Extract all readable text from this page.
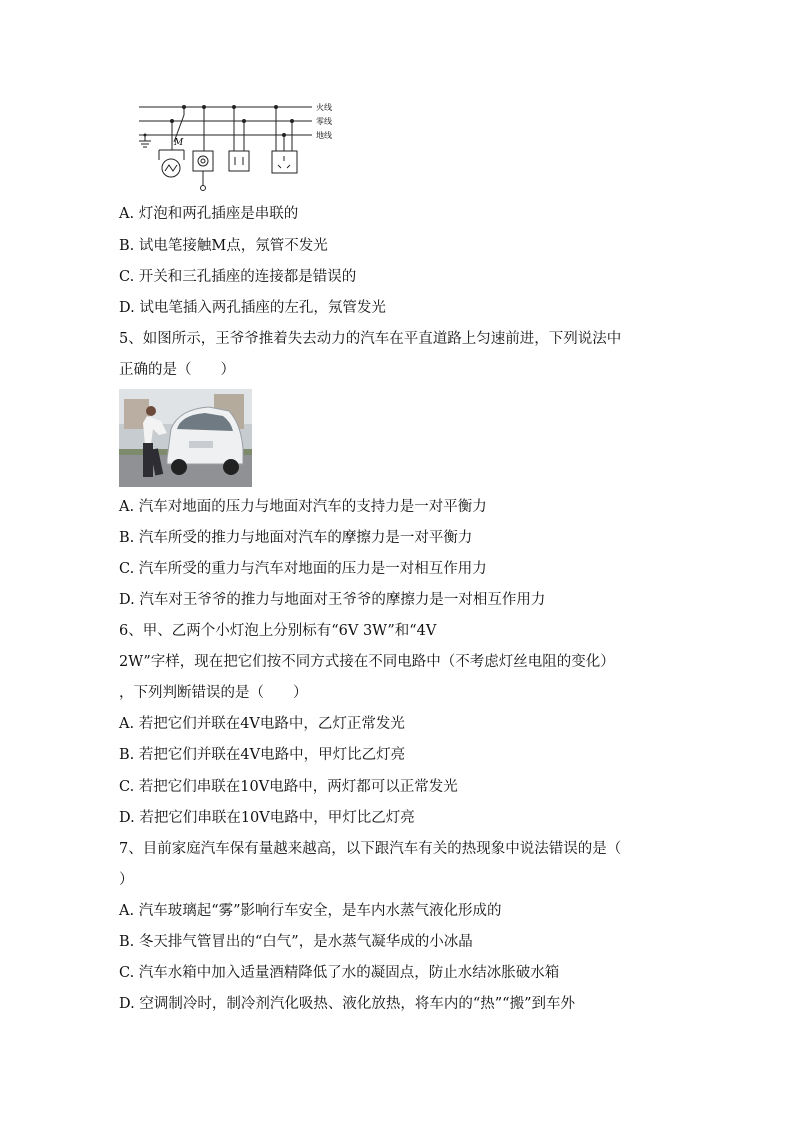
M
火线
零线
地线
A. 灯泡和两孔插座是串联的
B. 试电笔接触M点，氖管不发光
C. 开关和三孔插座的连接都是错误的
D. 试电笔插入两孔插座的左孔，氖管发光
5、如图所示，王爷爷推着失去动力的汽车在平直道路上匀速前进，下列说法中
正确的是（　　）
A. 汽车对地面的压力与地面对汽车的支持力是一对平衡力
B. 汽车所受的推力与地面对汽车的摩擦力是一对平衡力
C. 汽车所受的重力与汽车对地面的压力是一对相互作用力
D. 汽车对王爷爷的推力与地面对王爷爷的摩擦力是一对相互作用力
6、甲、乙两个小灯泡上分别标有“6V 3W”和“4V
2W”字样，现在把它们按不同方式接在不同电路中（不考虑灯丝电阻的变化）
，下列判断错误的是（　　）
A. 若把它们并联在4V电路中，乙灯正常发光
B. 若把它们并联在4V电路中，甲灯比乙灯亮
C. 若把它们串联在10V电路中，两灯都可以正常发光
D. 若把它们串联在10V电路中，甲灯比乙灯亮
7、目前家庭汽车保有量越来越高，以下跟汽车有关的热现象中说法错误的是（
）
A. 汽车玻璃起“雾”影响行车安全，是车内水蒸气液化形成的
B. 冬天排气管冒出的“白气”，是水蒸气凝华成的小冰晶
C. 汽车水箱中加入适量酒精降低了水的凝固点，防止水结冰胀破水箱
D. 空调制冷时，制冷剂汽化吸热、液化放热，将车内的“热”“搬”到车外
